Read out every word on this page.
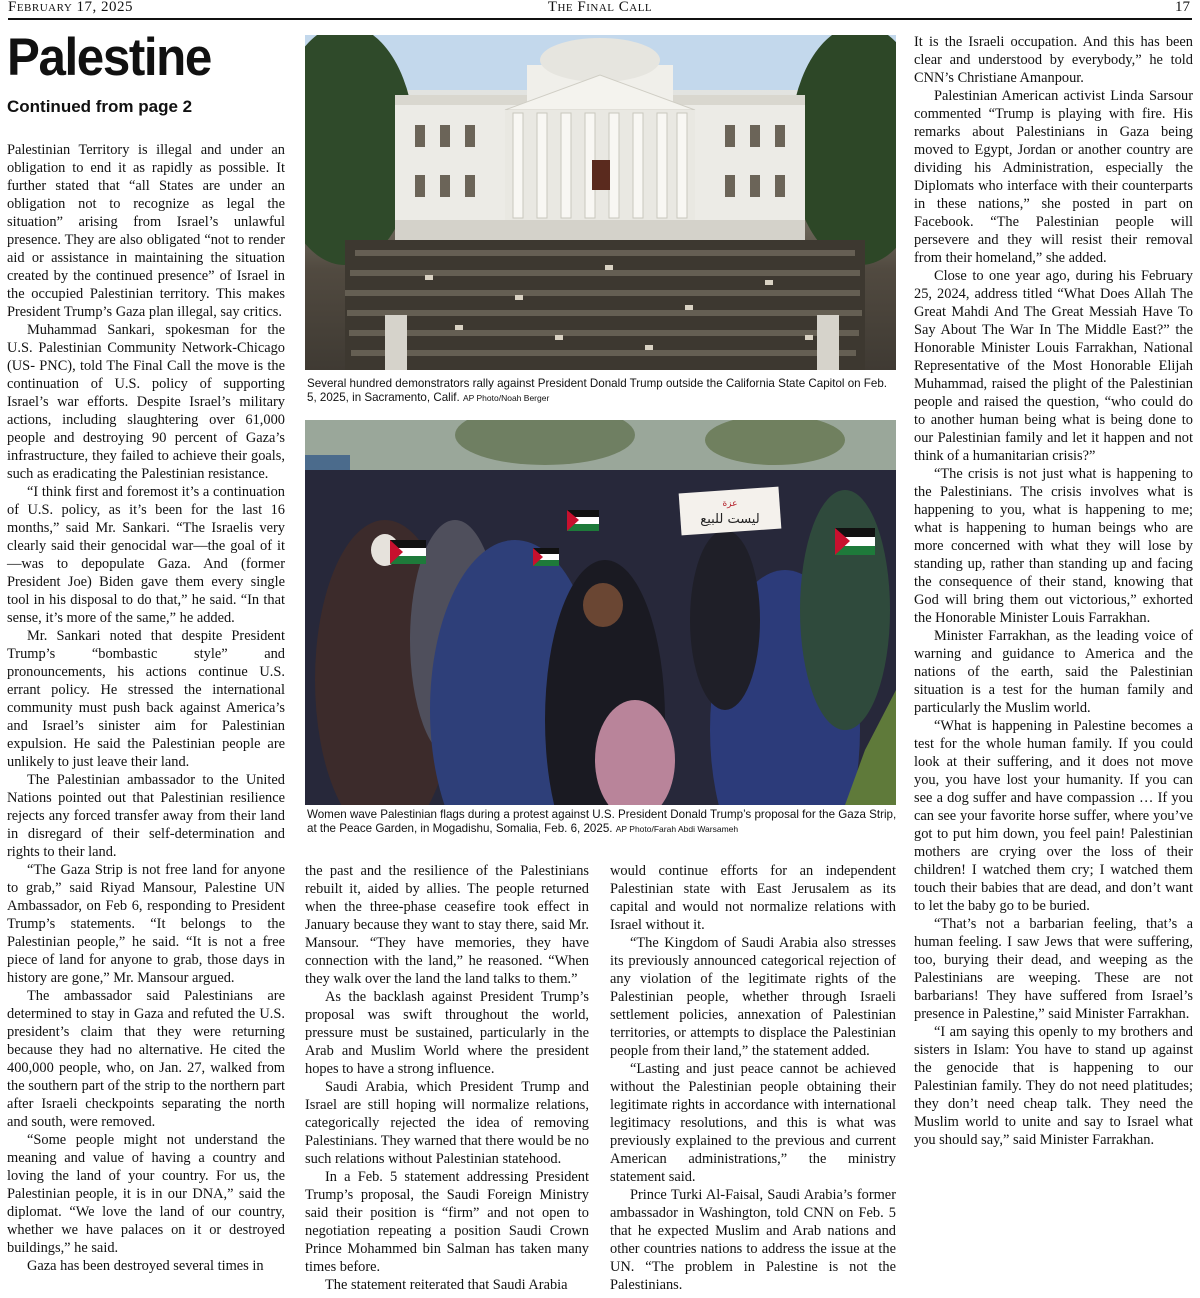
February 17, 2025	The Final Call	17
Palestine
Continued from page 2

Palestinian Territory is illegal and under an obligation to end it as rapidly as possible. It further stated that “all States are under an obligation not to recognize as legal the situation” arising from Israel’s unlawful presence. They are also obligated “not to render aid or assistance in maintaining the situation created by the continued presence” of Israel in the occupied Palestinian territory. This makes President Trump’s Gaza plan illegal, say critics.

Muhammad Sankari, spokesman for the U.S. Palestinian Community Network-Chicago (US- PNC), told The Final Call the move is the continuation of U.S. policy of supporting Israel’s war efforts. Despite Israel’s military actions, including slaughtering over 61,000 people and destroying 90 percent of Gaza’s infrastructure, they failed to achieve their goals, such as eradicating the Palestinian resistance.

“I think first and foremost it’s a continuation of U.S. policy, as it’s been for the last 16 months,” said Mr. Sankari. “The Israelis very clearly said their genocidal war—the goal of it—was to depopulate Gaza. And (former President Joe) Biden gave them every single tool in his disposal to do that,” he said. “In that sense, it’s more of the same,” he added.

Mr. Sankari noted that despite President Trump’s “bombastic style” and pronouncements, his actions continue U.S. errant policy. He stressed the international community must push back against America’s and Israel’s sinister aim for Palestinian expulsion. He said the Palestinian people are unlikely to just leave their land.

The Palestinian ambassador to the United Nations pointed out that Palestinian resilience rejects any forced transfer away from their land in disregard of their self-determination and rights to their land.

“The Gaza Strip is not free land for anyone to grab,” said Riyad Mansour, Palestine UN Ambassador, on Feb 6, responding to President Trump’s statements. “It belongs to the Palestinian people,” he said. “It is not a free piece of land for anyone to grab, those days in history are gone,” Mr. Mansour argued.

The ambassador said Palestinians are determined to stay in Gaza and refuted the U.S. president’s claim that they were returning because they had no alternative. He cited the 400,000 people, who, on Jan. 27, walked from the southern part of the strip to the northern part after Israeli checkpoints separating the north and south, were removed.

“Some people might not understand the meaning and value of having a country and loving the land of your country. For us, the Palestinian people, it is in our DNA,” said the diplomat. “We love the land of our country, whether we have palaces on it or destroyed buildings,” he said.

Gaza has been destroyed several times in

the past and the resilience of the Palestinians rebuilt it, aided by allies. The people returned when the three-phase ceasefire took effect in January because they want to stay there, said Mr. Mansour. “They have memories, they have connection with the land,” he reasoned. “When they walk over the land the land talks to them.”

As the backlash against President Trump’s proposal was swift throughout the world, pressure must be sustained, particularly in the Arab and Muslim World where the president hopes to have a strong influence.

Saudi Arabia, which President Trump and Israel are still hoping will normalize relations, categorically rejected the idea of removing Palestinians. They warned that there would be no such relations without Palestinian statehood.

In a Feb. 5 statement addressing President Trump’s proposal, the Saudi Foreign Ministry said their position is “firm” and not open to negotiation repeating a position Saudi Crown Prince Mohammed bin Salman has taken many times before.

The statement reiterated that Saudi Arabia

would continue efforts for an independent Palestinian state with East Jerusalem as its capital and would not normalize relations with Israel without it.

“The Kingdom of Saudi Arabia also stresses its previously announced categorical rejection of any violation of the legitimate rights of the Palestinian people, whether through Israeli settlement policies, annexation of Palestinian territories, or attempts to displace the Palestinian people from their land,” the statement added.

“Lasting and just peace cannot be achieved without the Palestinian people obtaining their legitimate rights in accordance with international legitimacy resolutions, and this is what was previously explained to the previous and current American administrations,” the ministry statement said.

Prince Turki Al-Faisal, Saudi Arabia’s former ambassador in Washington, told CNN on Feb. 5 that he expected Muslim and Arab nations and other countries nations to address the issue at the UN. “The problem in Palestine is not the Palestinians.

It is the Israeli occupation. And this has been clear and understood by everybody,” he told CNN’s Christiane Amanpour.

Palestinian American activist Linda Sarsour commented “Trump is playing with fire. His remarks about Palestinians in Gaza being moved to Egypt, Jordan or another country are dividing his Administration, especially the Diplomats who interface with their counterparts in these nations,” she posted in part on Facebook. “The Palestinian people will persevere and they will resist their removal from their homeland,” she added.

Close to one year ago, during his February 25, 2024, address titled “What Does Allah The Great Mahdi And The Great Messiah Have To Say About The War In The Middle East?” the Honorable Minister Louis Farrakhan, National Representative of the Most Honorable Elijah Muhammad, raised the plight of the Palestinian people and raised the question, “who could do to another human being what is being done to our Palestinian family and let it happen and not think of a humanitarian crisis?”

“The crisis is not just what is happening to the Palestinians. The crisis involves what is happening to you, what is happening to me; what is happening to human beings who are more concerned with what they will lose by standing up, rather than standing up and facing the consequence of their stand, knowing that God will bring them out victorious,” exhorted the Honorable Minister Louis Farrakhan.

Minister Farrakhan, as the leading voice of warning and guidance to America and the nations of the earth, said the Palestinian situation is a test for the human family and particularly the Muslim world.

“What is happening in Palestine becomes a test for the whole human family. If you could look at their suffering, and it does not move you, you have lost your humanity. If you can see a dog suffer and have compassion … If you can see your favorite horse suffer, where you’ve got to put him down, you feel pain! Palestinian mothers are crying over the loss of their children! I watched them cry; I watched them touch their babies that are dead, and don’t want to let the baby go to be buried.

“That’s not a barbarian feeling, that’s a human feeling. I saw Jews that were suffering, too, burying their dead, and weeping as the Palestinians are weeping. These are not barbarians! They have suffered from Israel’s presence in Palestine,” said Minister Farrakhan.

“I am saying this openly to my brothers and sisters in Islam: You have to stand up against the genocide that is happening to our Palestinian family. They do not need platitudes; they don’t need cheap talk. They need the Muslim world to unite and say to Israel what you should say,” said Minister Farrakhan.

Several hundred demonstrators rally against President Donald Trump outside the California State Capitol on Feb. 5, 2025, in Sacramento, Calif. AP Photo/Noah Berger
عزة
ليست للبيع
Women wave Palestinian flags during a protest against U.S. President Donald Trump’s proposal for the Gaza Strip, at the Peace Garden, in Mogadishu, Somalia, Feb. 6, 2025. AP Photo/Farah Abdi Warsameh
